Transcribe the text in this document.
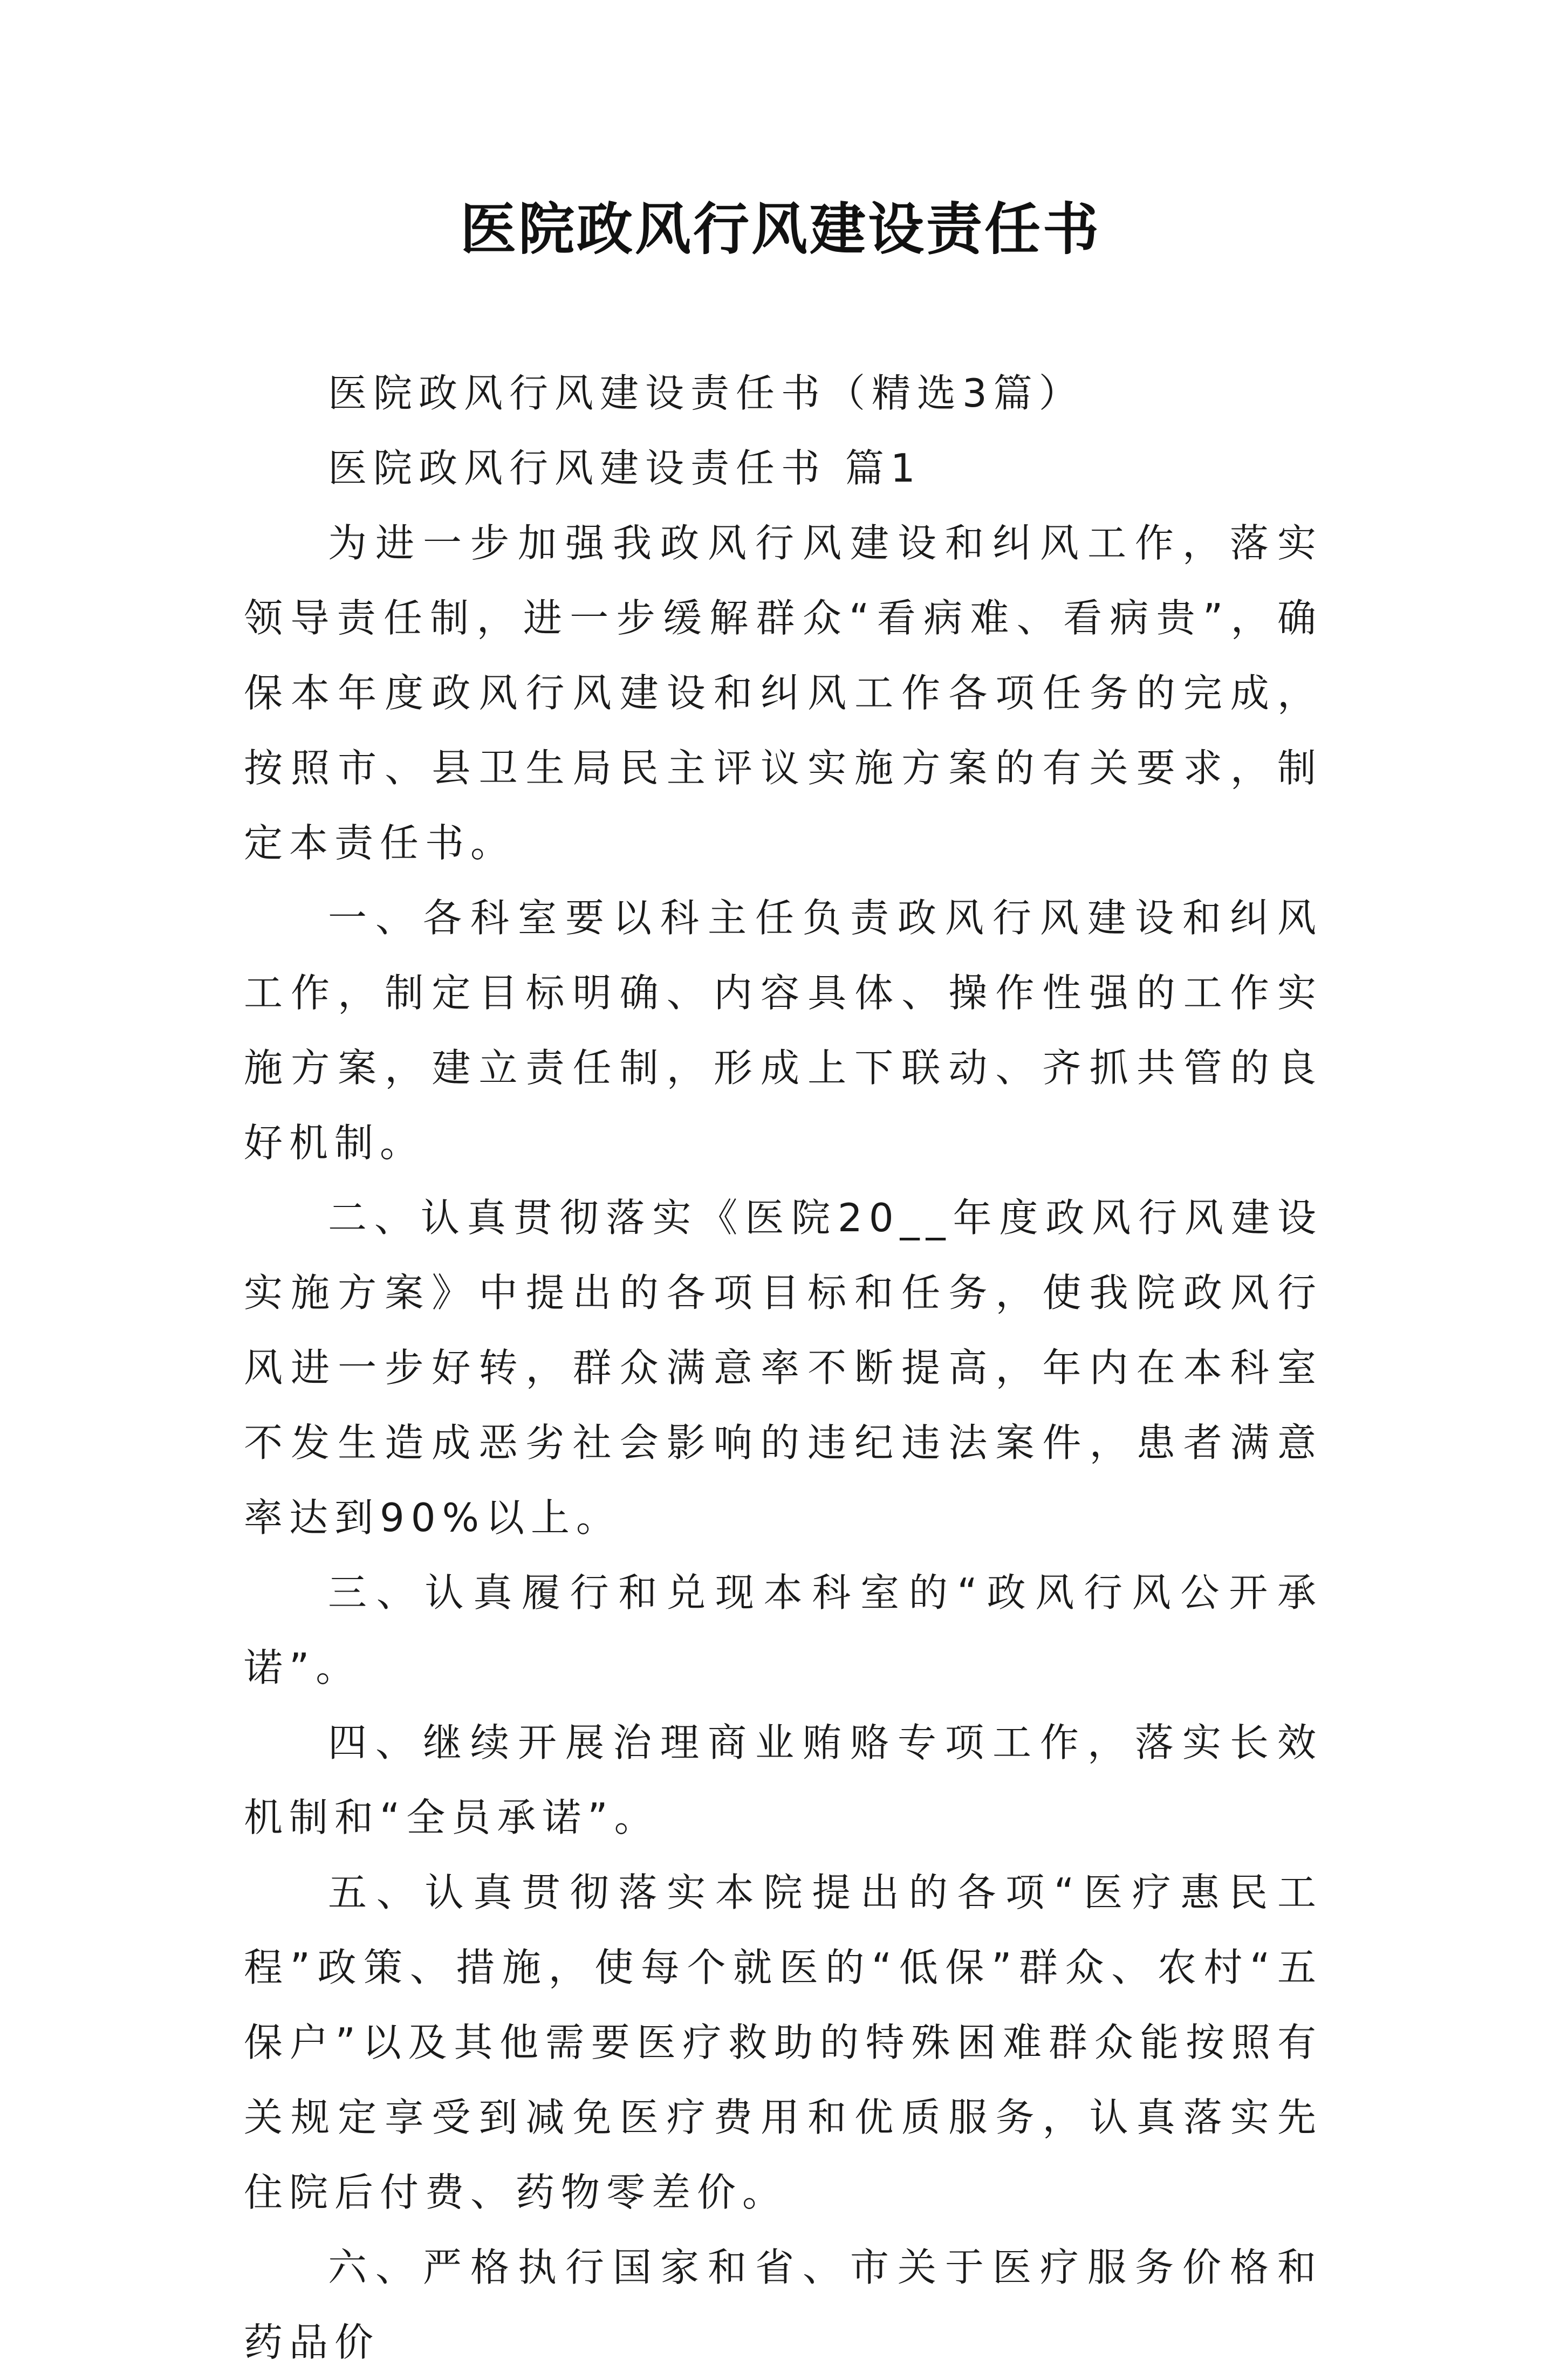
医院政风行风建设责任书

医院政风行风建设责任书（精选3篇）

医院政风行风建设责任书 篇1

为进一步加强我政风行风建设和纠风工作，落实领导责任制，进一步缓解群众“看病难、看病贵”，确保本年度政风行风建设和纠风工作各项任务的完成，按照市、县卫生局民主评议实施方案的有关要求，制定本责任书。

一、各科室要以科主任负责政风行风建设和纠风工作，制定目标明确、内容具体、操作性强的工作实施方案，建立责任制，形成上下联动、齐抓共管的良好机制。

二、认真贯彻落实《医院20__年度政风行风建设实施方案》中提出的各项目标和任务，使我院政风行风进一步好转，群众满意率不断提高，年内在本科室不发生造成恶劣社会影响的违纪违法案件，患者满意率达到90%以上。

三、认真履行和兑现本科室的“政风行风公开承诺”。

四、继续开展治理商业贿赂专项工作，落实长效机制和“全员承诺”。

五、认真贯彻落实本院提出的各项“医疗惠民工程”政策、措施，使每个就医的“低保”群众、农村“五保户”以及其他需要医疗救助的特殊困难群众能按照有关规定享受到减免医疗费用和优质服务，认真落实先住院后付费、药物零差价。

六、严格执行国家和省、市关于医疗服务价格和药品价
